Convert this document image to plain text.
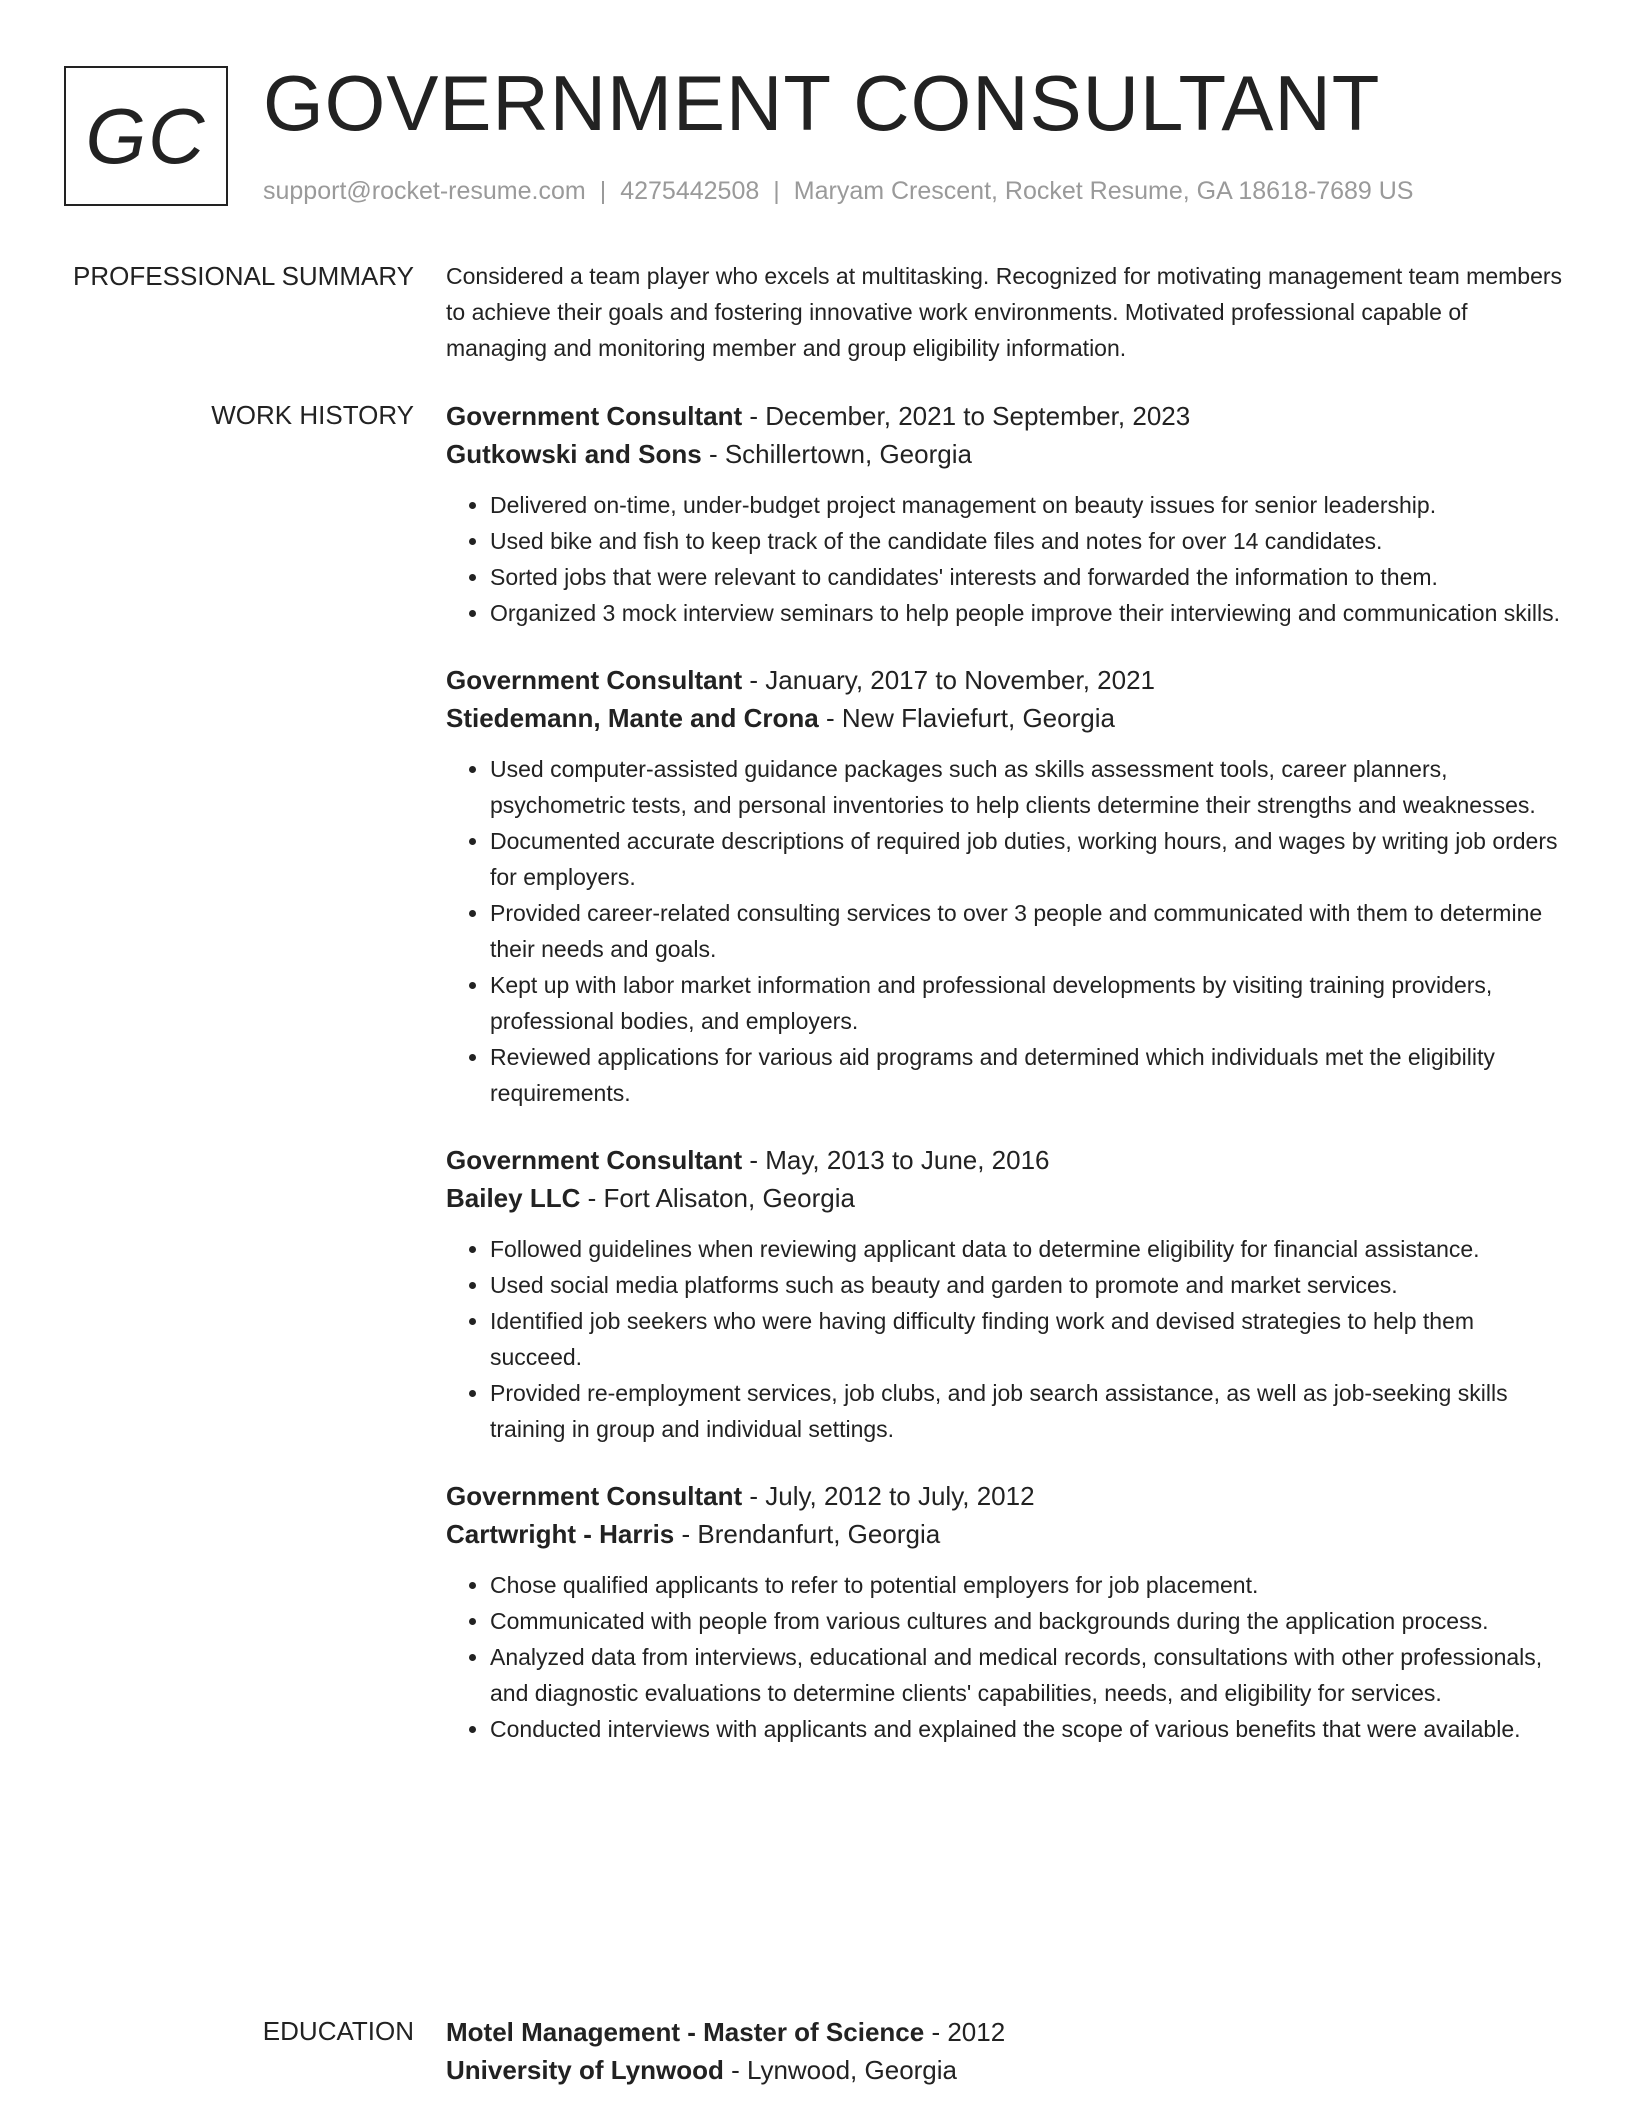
GC GOVERNMENT CONSULTANT
support@rocket-resume.com | 4275442508 | Maryam Crescent, Rocket Resume, GA 18618-7689 US
PROFESSIONAL SUMMARY Considered a team player who excels at multitasking. Recognized for motivating management team members to achieve their goals and fostering innovative work environments. Motivated professional capable of managing and monitoring member and group eligibility information.

WORK HISTORY Government Consultant - December, 2021 to September, 2023

Gutkowski and Sons - Schillertown, Georgia

• Delivered on-time, under-budget project management on beauty issues for senior leadership.
• Used bike and fish to keep track of the candidate files and notes for over 14 candidates.
• Sorted jobs that were relevant to candidates' interests and forwarded the information to them.
• Organized 3 mock interview seminars to help people improve their interviewing and communication skills.

Government Consultant - January, 2017 to November, 2021

Stiedemann, Mante and Crona - New Flaviefurt, Georgia

• Used computer-assisted guidance packages such as skills assessment tools, career planners, psychometric tests, and personal inventories to help clients determine their strengths and weaknesses.
• Documented accurate descriptions of required job duties, working hours, and wages by writing job orders for employers.
• Provided career-related consulting services to over 3 people and communicated with them to determine their needs and goals.
• Kept up with labor market information and professional developments by visiting training providers, professional bodies, and employers.
• Reviewed applications for various aid programs and determined which individuals met the eligibility requirements.

Government Consultant - May, 2013 to June, 2016

Bailey LLC - Fort Alisaton, Georgia

• Followed guidelines when reviewing applicant data to determine eligibility for financial assistance.
• Used social media platforms such as beauty and garden to promote and market services.
• Identified job seekers who were having difficulty finding work and devised strategies to help them succeed.
• Provided re-employment services, job clubs, and job search assistance, as well as job-seeking skills training in group and individual settings.

Government Consultant - July, 2012 to July, 2012

Cartwright - Harris - Brendanfurt, Georgia

• Chose qualified applicants to refer to potential employers for job placement.
• Communicated with people from various cultures and backgrounds during the application process.
• Analyzed data from interviews, educational and medical records, consultations with other professionals, and diagnostic evaluations to determine clients' capabilities, needs, and eligibility for services.
• Conducted interviews with applicants and explained the scope of various benefits that were available.
EDUCATION Motel Management - Master of Science - 2012

University of Lynwood - Lynwood, Georgia
